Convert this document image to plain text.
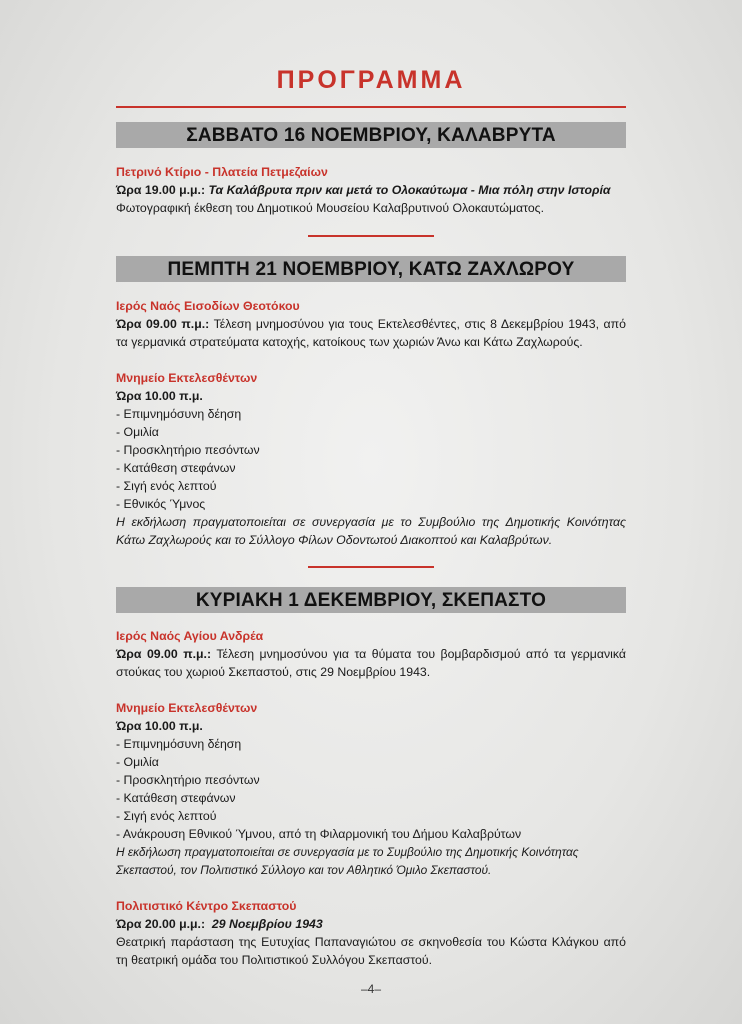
ΠΡΟΓΡΑΜΜΑ
ΣΑΒΒΑΤΟ 16 ΝΟΕΜΒΡΙΟΥ, ΚΑΛΑΒΡΥΤΑ
Πετρινό Κτίριο - Πλατεία Πετμεζαίων
Ώρα 19.00 μ.μ.: Τα Καλάβρυτα πριν και μετά το Ολοκαύτωμα - Μια πόλη στην Ιστορία
Φωτογραφική έκθεση του Δημοτικού Μουσείου Καλαβρυτινού Ολοκαυτώματος.
ΠΕΜΠΤΗ 21 ΝΟΕΜΒΡΙΟΥ, ΚΑΤΩ ΖΑΧΛΩΡΟΥ
Ιερός Ναός Εισοδίων Θεοτόκου
Ώρα 09.00 π.μ.: Τέλεση μνημοσύνου για τους Εκτελεσθέντες, στις 8 Δεκεμβρίου 1943, από τα γερμανικά στρατεύματα κατοχής, κατοίκους των χωριών Άνω και Κάτω Ζαχλωρούς.
Μνημείο Εκτελεσθέντων
Ώρα 10.00 π.μ.
- Επιμνημόσυνη δέηση
- Ομιλία
- Προσκλητήριο πεσόντων
- Κατάθεση στεφάνων
- Σιγή ενός λεπτού
- Εθνικός Ύμνος
Η εκδήλωση πραγματοποιείται σε συνεργασία με το Συμβούλιο της Δημοτικής Κοινότητας Κάτω Ζαχλωρούς και το Σύλλογο Φίλων Οδοντωτού Διακοπτού και Καλαβρύτων.
ΚΥΡΙΑΚΗ 1 ΔΕΚΕΜΒΡΙΟΥ, ΣΚΕΠΑΣΤΟ
Ιερός Ναός Αγίου Ανδρέα
Ώρα 09.00 π.μ.: Τέλεση μνημοσύνου για τα θύματα του βομβαρδισμού από τα γερμανικά στούκας του χωριού Σκεπαστού, στις 29 Νοεμβρίου 1943.
Μνημείο Εκτελεσθέντων
Ώρα 10.00 π.μ.
- Επιμνημόσυνη δέηση
- Ομιλία
- Προσκλητήριο πεσόντων
- Κατάθεση στεφάνων
- Σιγή ενός λεπτού
- Ανάκρουση Εθνικού Ύμνου, από τη Φιλαρμονική του Δήμου Καλαβρύτων
Η εκδήλωση πραγματοποιείται σε συνεργασία με το Συμβούλιο της Δημοτικής Κοινότητας Σκεπαστού, τον Πολιτιστικό Σύλλογο και τον Αθλητικό Όμιλο Σκεπαστού.
Πολιτιστικό Κέντρο Σκεπαστού
Ώρα 20.00 μ.μ.:  29 Νοεμβρίου 1943
Θεατρική παράσταση της Ευτυχίας Παπαναγιώτου σε σκηνοθεσία του Κώστα Κλάγκου από τη θεατρική ομάδα του Πολιτιστικού Συλλόγου Σκεπαστού.
–4–
